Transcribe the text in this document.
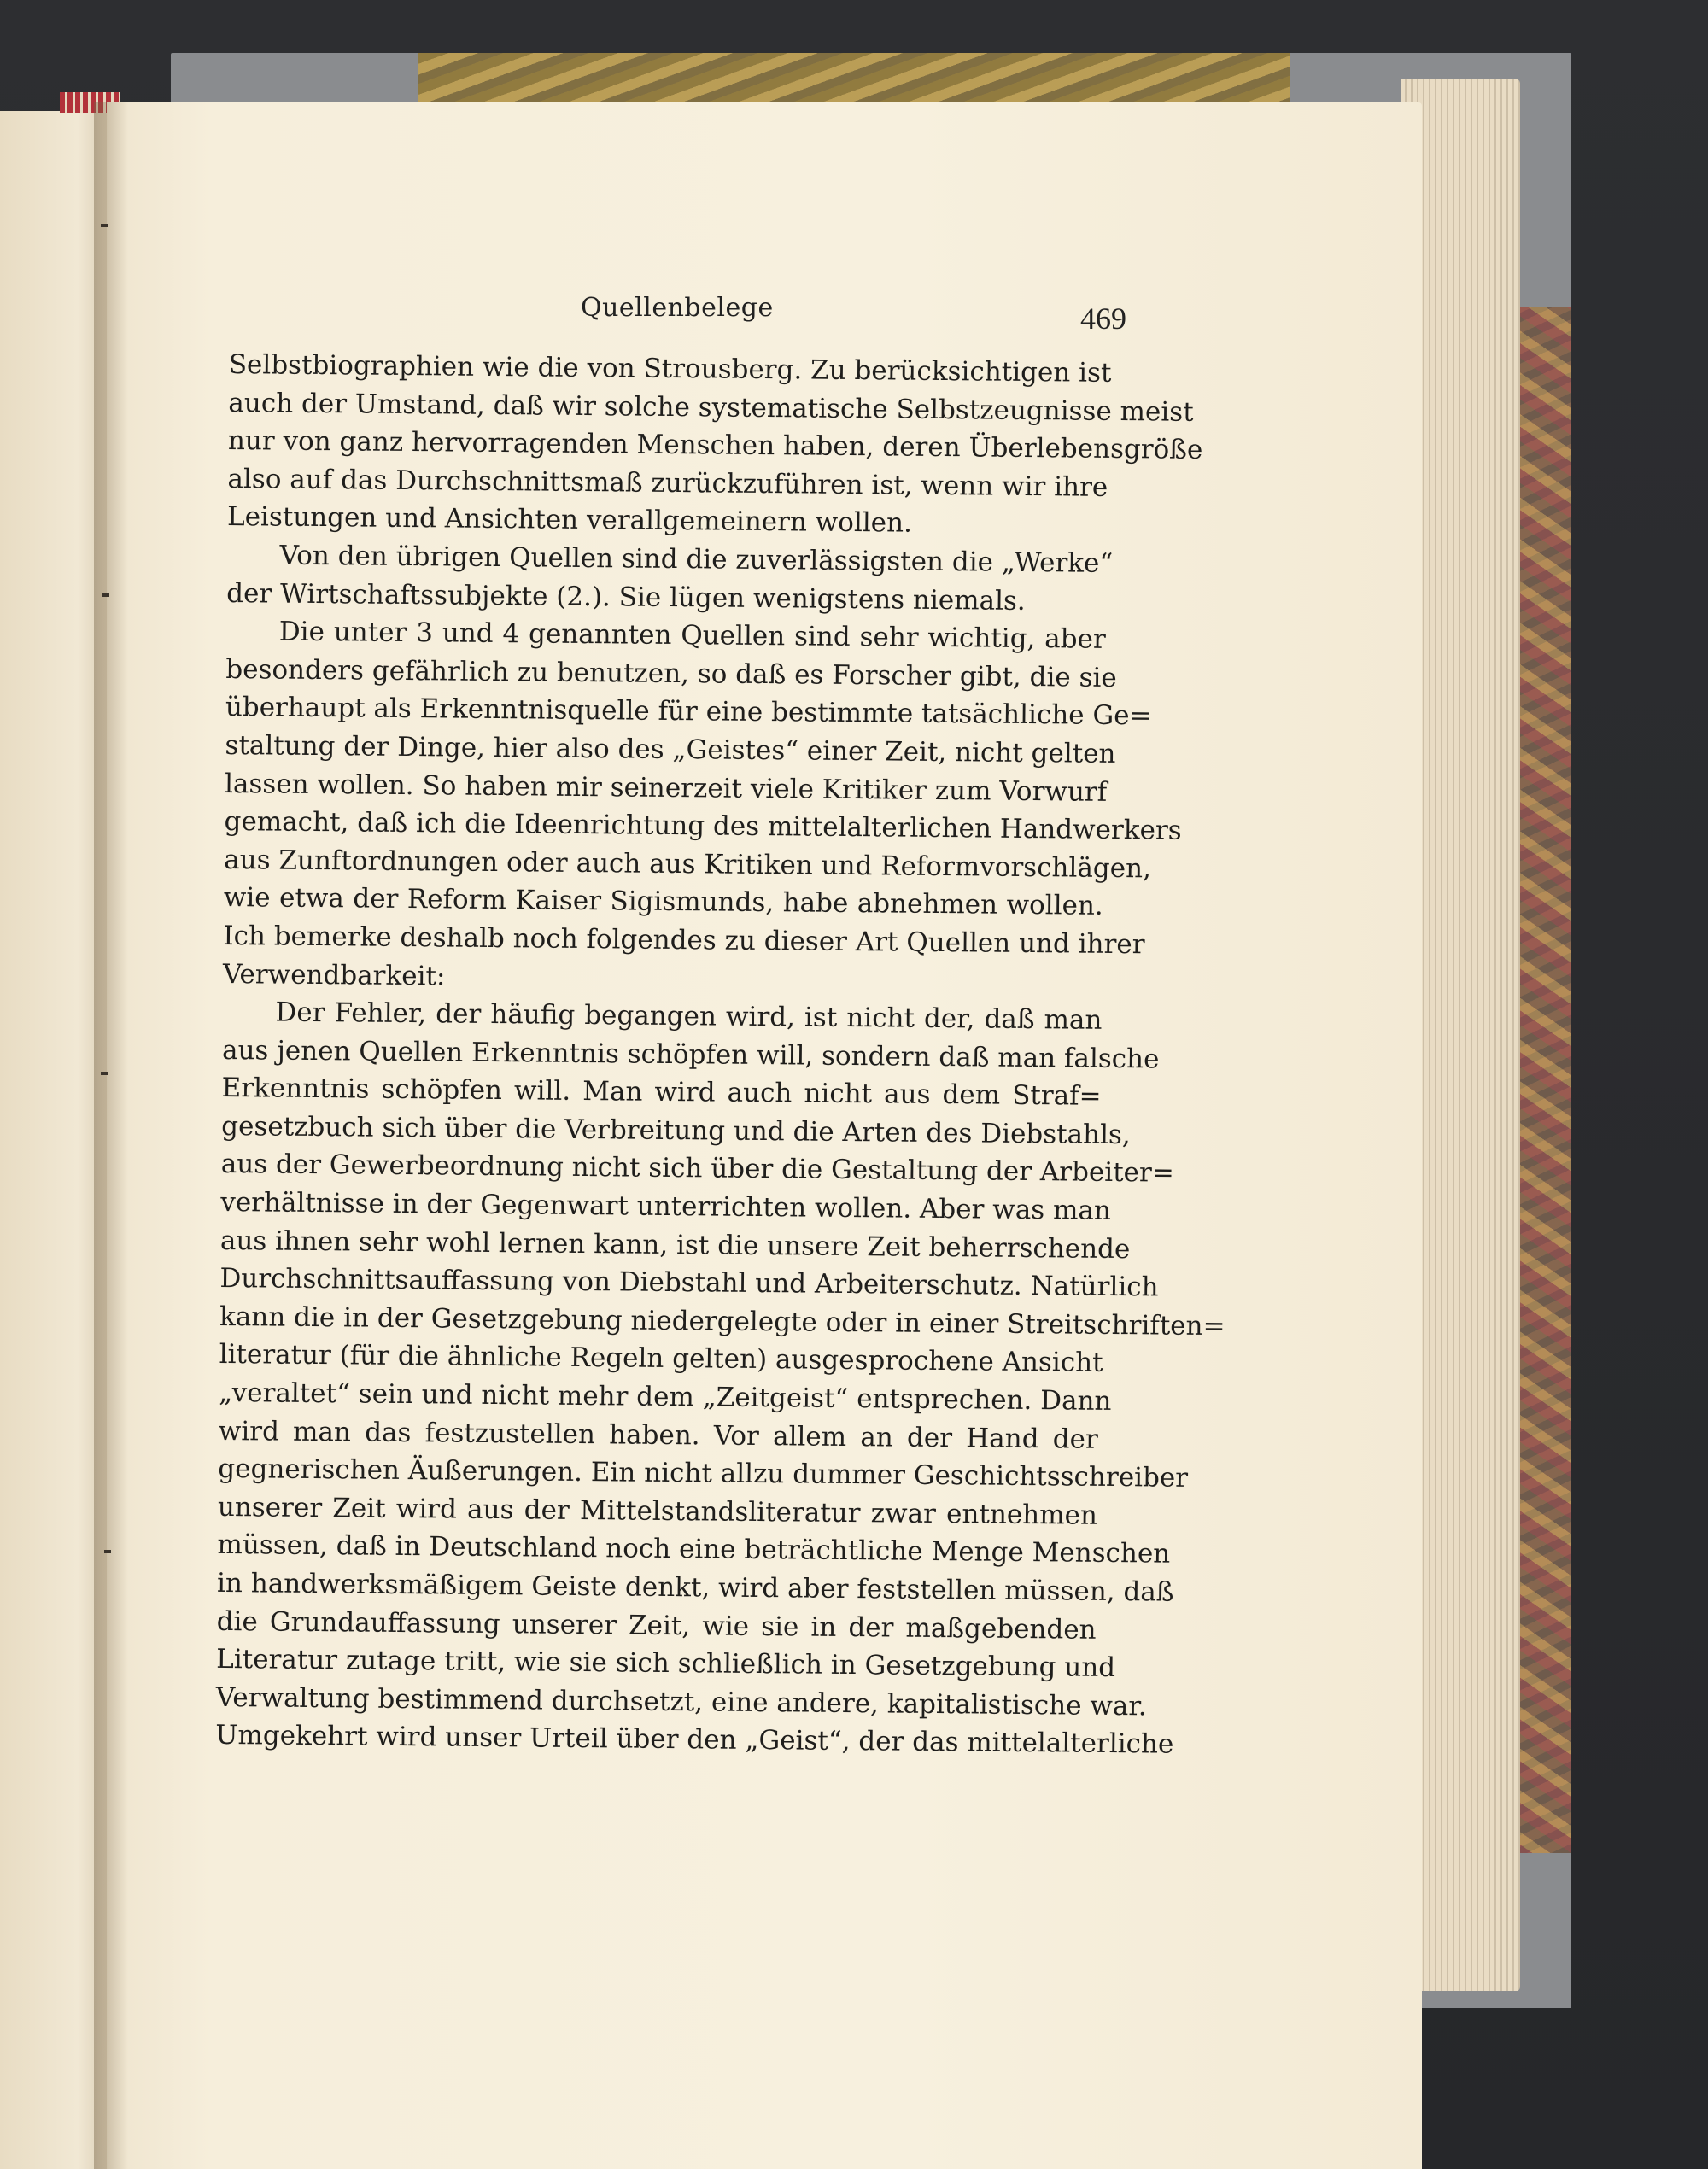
Quellenbelege	469
Selbstbiographien wie die von Strousberg. Zu berücksichtigen ist
auch der Umstand, daß wir solche systematische Selbstzeugnisse meist
nur von ganz hervorragenden Menschen haben, deren Überlebensgröße
also auf das Durchschnittsmaß zurückzuführen ist, wenn wir ihre
Leistungen und Ansichten verallgemeinern wollen.
Von den übrigen Quellen sind die zuverlässigsten die „Werke“
der Wirtschaftssubjekte (2.). Sie lügen wenigstens niemals.
Die unter 3 und 4 genannten Quellen sind sehr wichtig, aber
besonders gefährlich zu benutzen, so daß es Forscher gibt, die sie
überhaupt als Erkenntnisquelle für eine bestimmte tatsächliche Ge=
staltung der Dinge, hier also des „Geistes“ einer Zeit, nicht gelten
lassen wollen. So haben mir seinerzeit viele Kritiker zum Vorwurf
gemacht, daß ich die Ideenrichtung des mittelalterlichen Handwerkers
aus Zunftordnungen oder auch aus Kritiken und Reformvorschlägen,
wie etwa der Reform Kaiser Sigismunds, habe abnehmen wollen.
Ich bemerke deshalb noch folgendes zu dieser Art Quellen und ihrer
Verwendbarkeit:
Der Fehler, der häufig begangen wird, ist nicht der, daß man
aus jenen Quellen Erkenntnis schöpfen will, sondern daß man falsche
Erkenntnis schöpfen will. Man wird auch nicht aus dem Straf=
gesetzbuch sich über die Verbreitung und die Arten des Diebstahls,
aus der Gewerbeordnung nicht sich über die Gestaltung der Arbeiter=
verhältnisse in der Gegenwart unterrichten wollen. Aber was man
aus ihnen sehr wohl lernen kann, ist die unsere Zeit beherrschende
Durchschnittsauffassung von Diebstahl und Arbeiterschutz. Natürlich
kann die in der Gesetzgebung niedergelegte oder in einer Streitschriften=
literatur (für die ähnliche Regeln gelten) ausgesprochene Ansicht
„veraltet“ sein und nicht mehr dem „Zeitgeist“ entsprechen. Dann
wird man das festzustellen haben. Vor allem an der Hand der
gegnerischen Äußerungen. Ein nicht allzu dummer Geschichtsschreiber
unserer Zeit wird aus der Mittelstandsliteratur zwar entnehmen
müssen, daß in Deutschland noch eine beträchtliche Menge Menschen
in handwerksmäßigem Geiste denkt, wird aber feststellen müssen, daß
die Grundauffassung unserer Zeit, wie sie in der maßgebenden
Literatur zutage tritt, wie sie sich schließlich in Gesetzgebung und
Verwaltung bestimmend durchsetzt, eine andere, kapitalistische war.
Umgekehrt wird unser Urteil über den „Geist“, der das mittelalterliche
